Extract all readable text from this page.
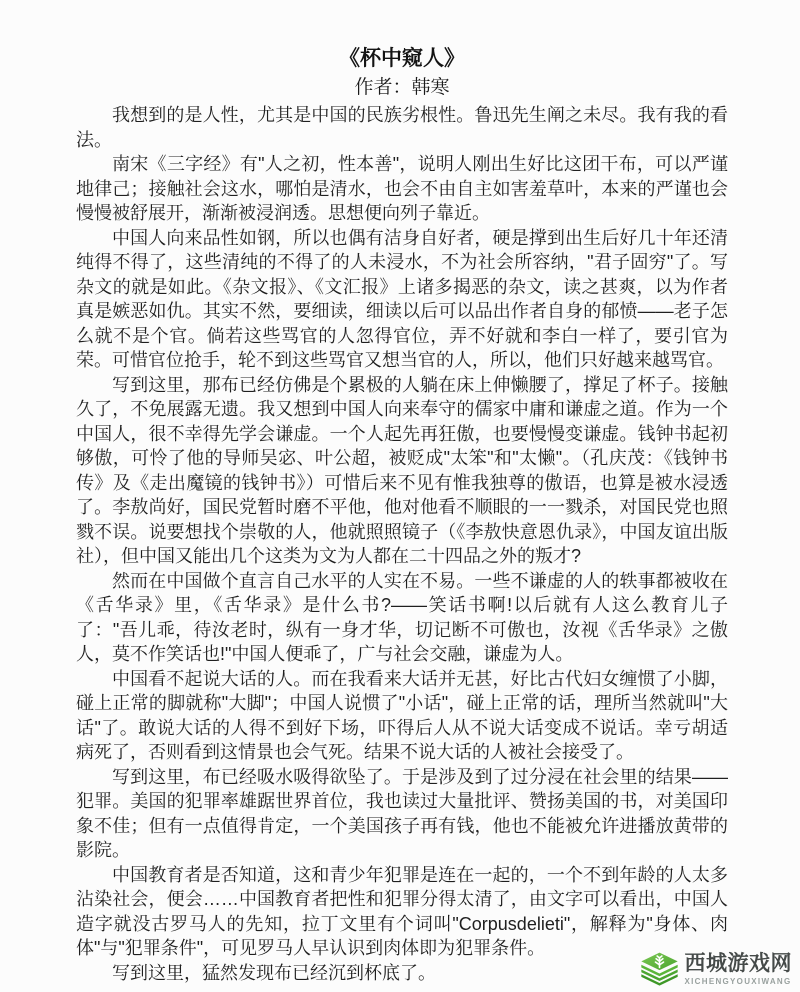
《杯中窥人》

作者：韩寒

我想到的是人性，尤其是中国的民族劣根性。鲁迅先生阐之未尽。我有我的看法。

南宋《三字经》有"人之初，性本善"，说明人刚出生好比这团干布，可以严谨地律己；接触社会这水，哪怕是清水，也会不由自主如害羞草叶，本来的严谨也会慢慢被舒展开，渐渐被浸润透。思想便向列子靠近。

中国人向来品性如钢，所以也偶有洁身自好者，硬是撑到出生后好几十年还清纯得不得了，这些清纯的不得了的人未浸水，不为社会所容纳，"君子固穷"了。写杂文的就是如此。《杂文报》、《文汇报》上诸多揭恶的杂文，读之甚爽，以为作者真是嫉恶如仇。其实不然，要细读，细读以后可以品出作者自身的郁愤——老子怎么就不是个官。倘若这些骂官的人忽得官位，弄不好就和李白一样了，要引官为荣。可惜官位抢手，轮不到这些骂官又想当官的人，所以，他们只好越来越骂官。

写到这里，那布已经仿佛是个累极的人躺在床上伸懒腰了，撑足了杯子。接触久了，不免展露无遗。我又想到中国人向来奉守的儒家中庸和谦虚之道。作为一个中国人，很不幸得先学会谦虚。一个人起先再狂傲，也要慢慢变谦虚。钱钟书起初够傲，可怜了他的导师吴宓、叶公超，被贬成"太笨"和"太懒"。（孔庆茂：《钱钟书传》及《走出魔镜的钱钟书》）可惜后来不见有惟我独尊的傲语，也算是被水浸透了。李敖尚好，国民党暂时磨不平他，他对他看不顺眼的一一戮杀，对国民党也照戮不误。说要想找个崇敬的人，他就照照镜子（《李敖快意恩仇录》，中国友谊出版社），但中国又能出几个这类为文为人都在二十四品之外的叛才?

然而在中国做个直言自己水平的人实在不易。一些不谦虚的人的轶事都被收在《舌华录》里，《舌华录》是什么书?——笑话书啊!以后就有人这么教育儿子了："吾儿乖，待汝老时，纵有一身才华，切记断不可傲也，汝视《舌华录》之傲人，莫不作笑话也!"中国人便乖了，广与社会交融，谦虚为人。

中国看不起说大话的人。而在我看来大话并无甚，好比古代妇女缠惯了小脚，碰上正常的脚就称"大脚"；中国人说惯了"小话"，碰上正常的话，理所当然就叫"大话"了。敢说大话的人得不到好下场，吓得后人从不说大话变成不说话。幸亏胡适病死了，否则看到这情景也会气死。结果不说大话的人被社会接受了。

写到这里，布已经吸水吸得欲坠了。于是涉及到了过分浸在社会里的结果——犯罪。美国的犯罪率雄踞世界首位，我也读过大量批评、赞扬美国的书，对美国印象不佳；但有一点值得肯定，一个美国孩子再有钱，他也不能被允许进播放黄带的影院。

中国教育者是否知道，这和青少年犯罪是连在一起的，一个不到年龄的人太多沾染社会，便会……中国教育者把性和犯罪分得太清了，由文字可以看出，中国人造字就没古罗马人的先知，拉丁文里有个词叫"Corpusdelieti"，解释为"身体、肉体"与"犯罪条件"，可见罗马人早认识到肉体即为犯罪条件。

写到这里，猛然发现布已经沉到杯底了。	西城游戏网
XICHENGYOUXIWANG
